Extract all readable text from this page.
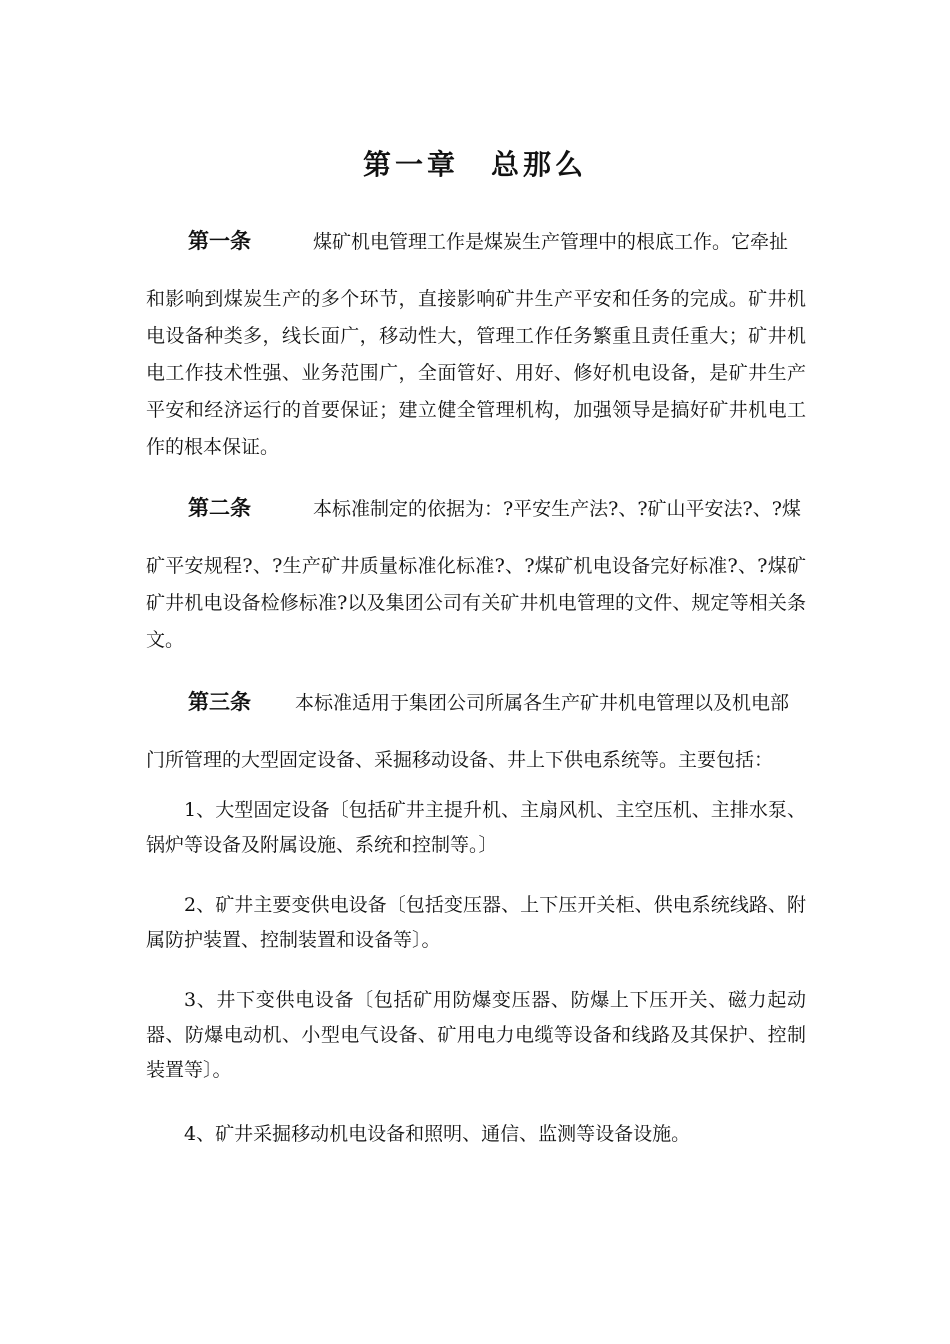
第一章　总那么
第一条	煤矿机电管理工作是煤炭生产管理中的根底工作。它牵扯
和影响到煤炭生产的多个环节，直接影响矿井生产平安和任务的完成。矿井机电设备种类多，线长面广，移动性大，管理工作任务繁重且责任重大；矿井机电工作技术性强、业务范围广，全面管好、用好、修好机电设备，是矿井生产平安和经济运行的首要保证；建立健全管理机构，加强领导是搞好矿井机电工作的根本保证。
第二条	本标准制定的依据为：?平安生产法?、?矿山平安法?、?煤
矿平安规程?、?生产矿井质量标准化标准?、?煤矿机电设备完好标准?、?煤矿矿井机电设备检修标准?以及集团公司有关矿井机电管理的文件、规定等相关条文。
第三条 本标准适用于集团公司所属各生产矿井机电管理以及机电部
门所管理的大型固定设备、采掘移动设备、井上下供电系统等。主要包括：
1、大型固定设备〔包括矿井主提升机、主扇风机、主空压机、主排水泵、锅炉等设备及附属设施、系统和控制等。〕
2、矿井主要变供电设备〔包括变压器、上下压开关柜、供电系统线路、附属防护装置、控制装置和设备等〕。
3、井下变供电设备〔包括矿用防爆变压器、防爆上下压开关、磁力起动器、防爆电动机、小型电气设备、矿用电力电缆等设备和线路及其保护、控制装置等〕。
4、矿井采掘移动机电设备和照明、通信、监测等设备设施。
